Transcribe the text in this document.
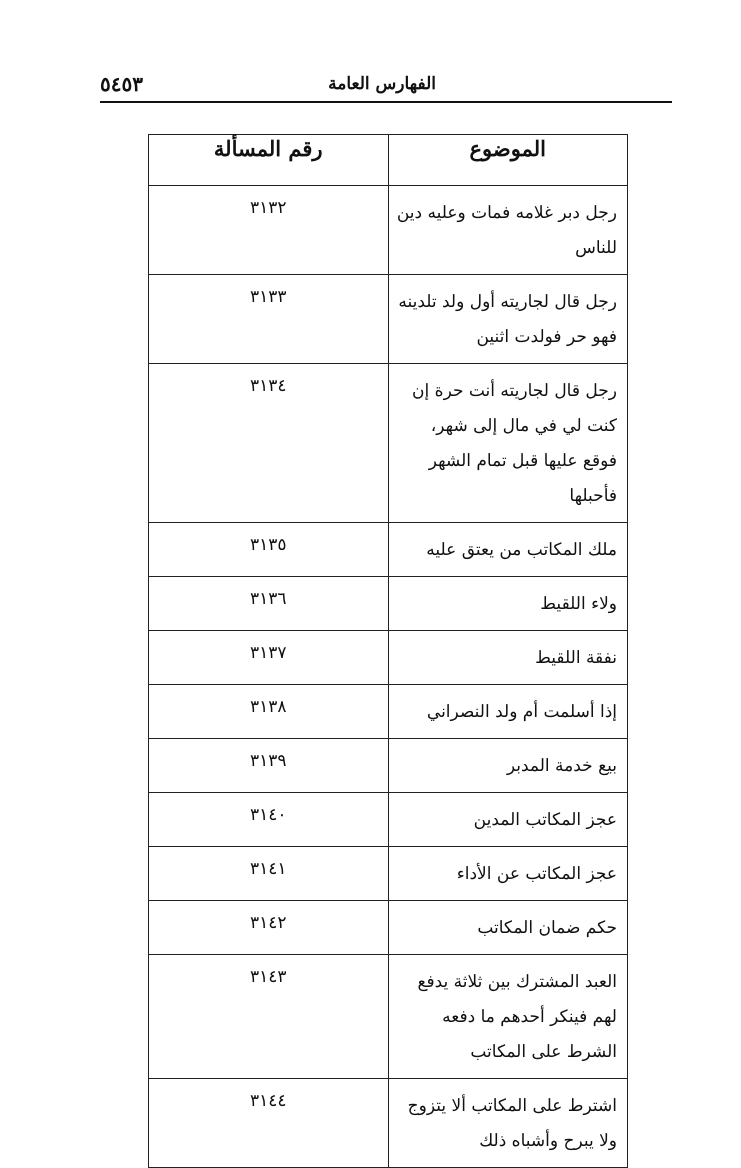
الفهارس العامة
٥٤٥٣
الموضوع	رقم المسألة
رجل دبر غلامه فمات وعليه دين للناس	٣١٣٢
رجل قال لجاريته أول ولد تلدينه فهو حر فولدت اثنين	٣١٣٣
رجل قال لجاريته أنت حرة إن كنت لي في مال إلى شهر، فوقع عليها قبل تمام الشهر فأحبلها	٣١٣٤
ملك المكاتب من يعتق عليه	٣١٣٥
ولاء اللقيط	٣١٣٦
نفقة اللقيط	٣١٣٧
إذا أسلمت أم ولد النصراني	٣١٣٨
بيع خدمة المدبر	٣١٣٩
عجز المكاتب المدين	٣١٤٠
عجز المكاتب عن الأداء	٣١٤١
حكم ضمان المكاتب	٣١٤٢
العبد المشترك بين ثلاثة يدفع لهم فينكر أحدهم ما دفعه الشرط على المكاتب	٣١٤٣
اشترط على المكاتب ألا يتزوج ولا يبرح وأشباه ذلك	٣١٤٤
